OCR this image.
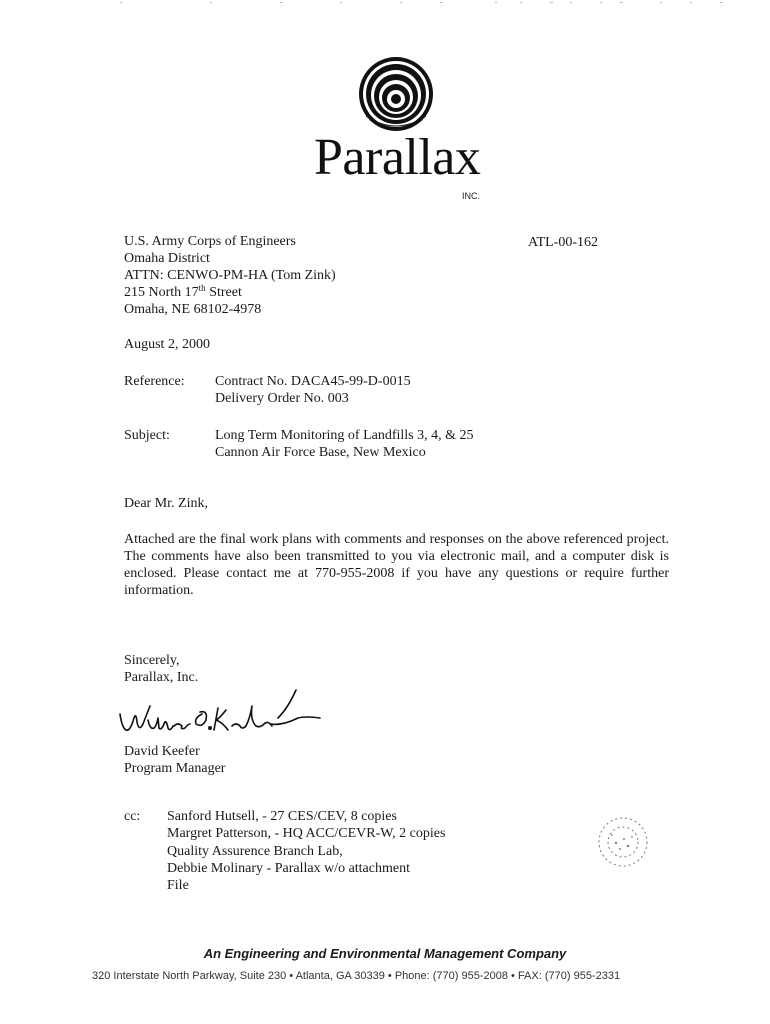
Parallax
INC.
U.S. Army Corps of Engineers
Omaha District
ATTN: CENWO-PM-HA (Tom Zink)
215 North 17th Street
Omaha, NE 68102-4978
ATL-00-162
August 2, 2000
Reference: Contract No. DACA45-99-D-0015
Delivery Order No. 003
Subject:	Long Term Monitoring of Landfills 3, 4, & 25
Cannon Air Force Base, New Mexico
Dear Mr. Zink,
Attached are the final work plans with comments and responses on the above referenced project. The comments have also been transmitted to you via electronic mail, and a computer disk is enclosed. Please contact me at 770-955-2008 if you have any questions or require further information.
Sincerely,
Parallax, Inc.
David Keefer
Program Manager
cc: Sanford Hutsell, - 27 CES/CEV, 8 copies
Margret Patterson, - HQ ACC/CEVR-W, 2 copies
Quality Assurence Branch Lab,
Debbie Molinary - Parallax w/o attachment
File
An Engineering and Environmental Management Company
320 Interstate North Parkway, Suite 230 • Atlanta, GA 30339 • Phone: (770) 955-2008 • FAX: (770) 955-2331
